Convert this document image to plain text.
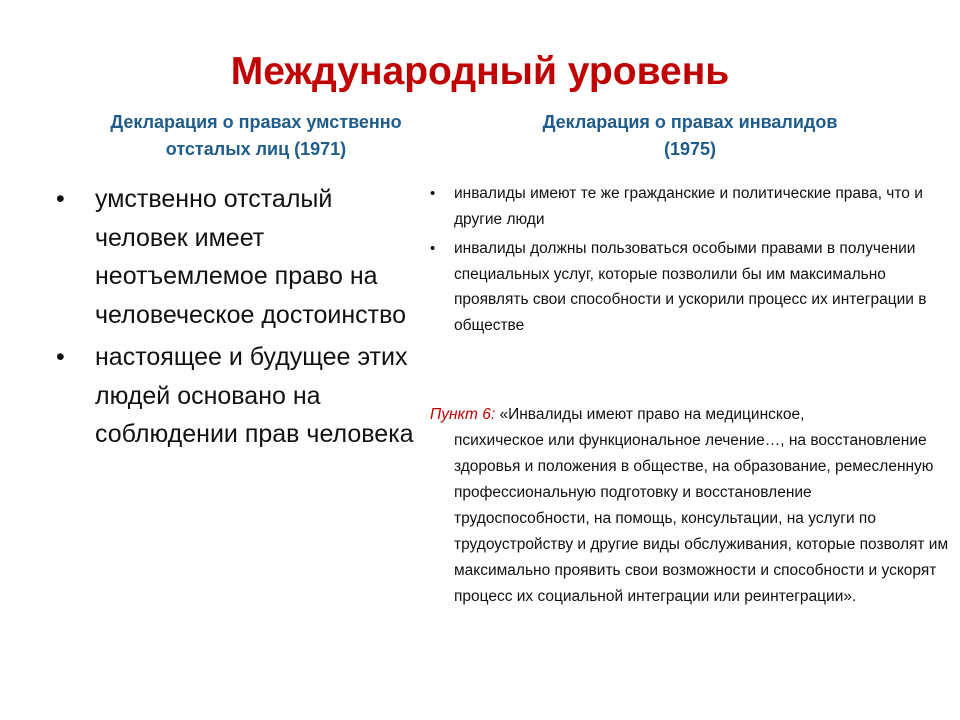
Международный уровень
Декларация о правах умственно отсталых лиц (1971)
Декларация о правах инвалидов
(1975)
• умственно отсталый человек имеет неотъемлемое право на человеческое достоинство
• настоящее и будущее этих людей основано на соблюдении прав человека
• инвалиды имеют те же гражданские и политические права, что и другие люди
• инвалиды должны пользоваться особыми правами в получении специальных услуг, которые позволили бы им максимально проявлять свои способности и ускорили процесс их интеграции в обществе
Пункт 6: «Инвалиды имеют право на медицинское,
психическое или функциональное лечение…, на восстановление здоровья и положения в обществе, на образование, ремесленную профессиональную подготовку и восстановление трудоспособности, на помощь, консультации, на услуги по трудоустройству и другие виды обслуживания, которые позволят им максимально проявить свои возможности и способности и ускорят процесс их социальной интеграции или реинтеграции».
